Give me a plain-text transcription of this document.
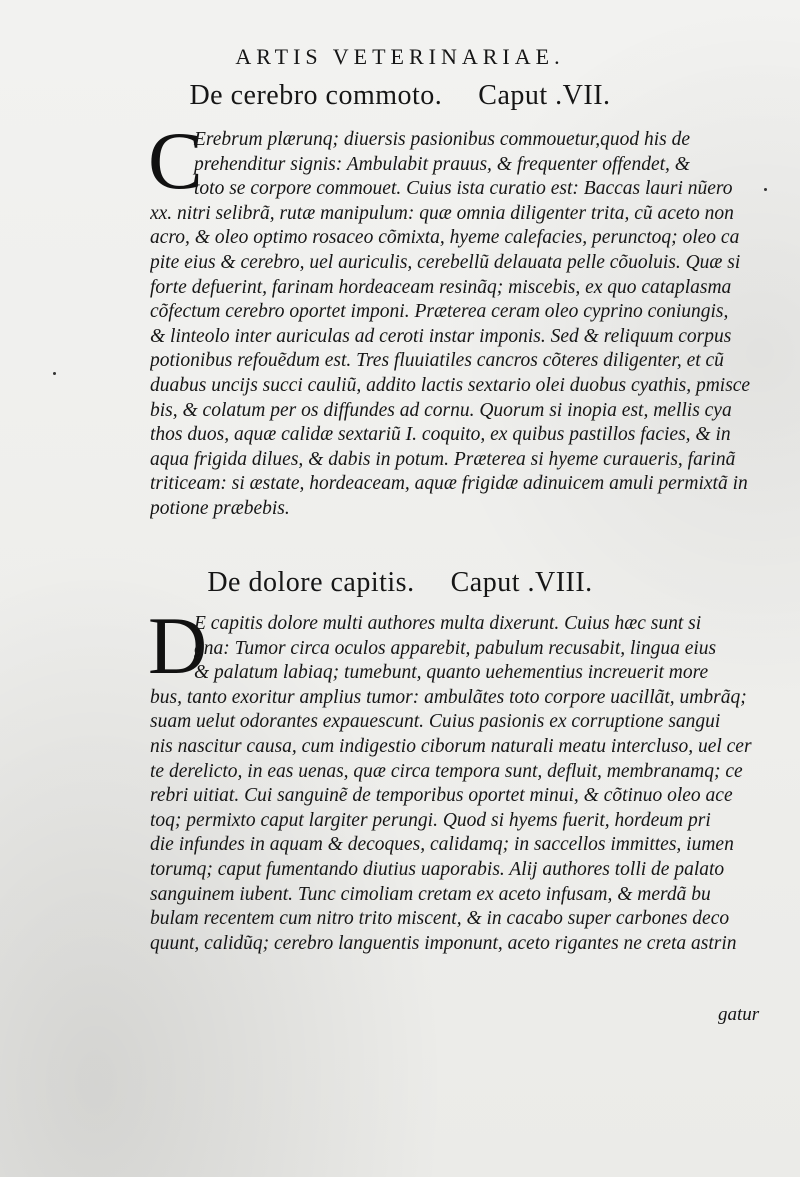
ARTIS VETERINARIAE.
De cerebro commoto. Caput .VII.
C
Erebrum plærunq; diuersis pasionibus commouetur,quod his de
prehenditur signis: Ambulabit prauus, & frequenter offendet, &
toto se corpore commouet. Cuius ista curatio est: Baccas lauri nũero
xx. nitri selibrã, rutæ manipulum: quæ omnia diligenter trita, cũ aceto non
acro, & oleo optimo rosaceo cõmixta, hyeme calefacies, perunctoq; oleo ca
pite eius & cerebro, uel auriculis, cerebellũ delauata pelle cõuoluis. Quæ si
forte defuerint, farinam hordeaceam resinãq; miscebis, ex quo cataplasma
cõfectum cerebro oportet imponi. Præterea ceram oleo cyprino coniungis,
& linteolo inter auriculas ad ceroti instar imponis. Sed & reliquum corpus
potionibus refouẽdum est. Tres fluuiatiles cancros cõteres diligenter, et cũ
duabus uncijs succi cauliũ, addito lactis sextario olei duobus cyathis, pmisce
bis, & colatum per os diffundes ad cornu. Quorum si inopia est, mellis cya
thos duos, aquæ calidæ sextariũ I. coquito, ex quibus pastillos facies, & in
aqua frigida dilues, & dabis in potum. Præterea si hyeme curaueris, farinã
triticeam: si æstate, hordeaceam, aquæ frigidæ adinuicem amuli permixtã in
potione præbebis.
De dolore capitis. Caput .VIII.
D
E capitis dolore multi authores multa dixerunt. Cuius hæc sunt si
gna: Tumor circa oculos apparebit, pabulum recusabit, lingua eius
& palatum labiaq; tumebunt, quanto uehementius increuerit more
bus, tanto exoritur amplius tumor: ambulãtes toto corpore uacillãt, umbrãq;
suam uelut odorantes expauescunt. Cuius pasionis ex corruptione sangui
nis nascitur causa, cum indigestio ciborum naturali meatu intercluso, uel cer
te derelicto, in eas uenas, quæ circa tempora sunt, defluit, membranamq; ce
rebri uitiat. Cui sanguinẽ de temporibus oportet minui, & cõtinuo oleo ace
toq; permixto caput largiter perungi. Quod si hyems fuerit, hordeum pri
die infundes in aquam & decoques, calidamq; in saccellos immittes, iumen
torumq; caput fumentando diutius uaporabis. Alij authores tolli de palato
sanguinem iubent. Tunc cimoliam cretam ex aceto infusam, & merdã bu
bulam recentem cum nitro trito miscent, & in cacabo super carbones deco
quunt, calidũq; cerebro languentis imponunt, aceto rigantes ne creta astrin
gatur
